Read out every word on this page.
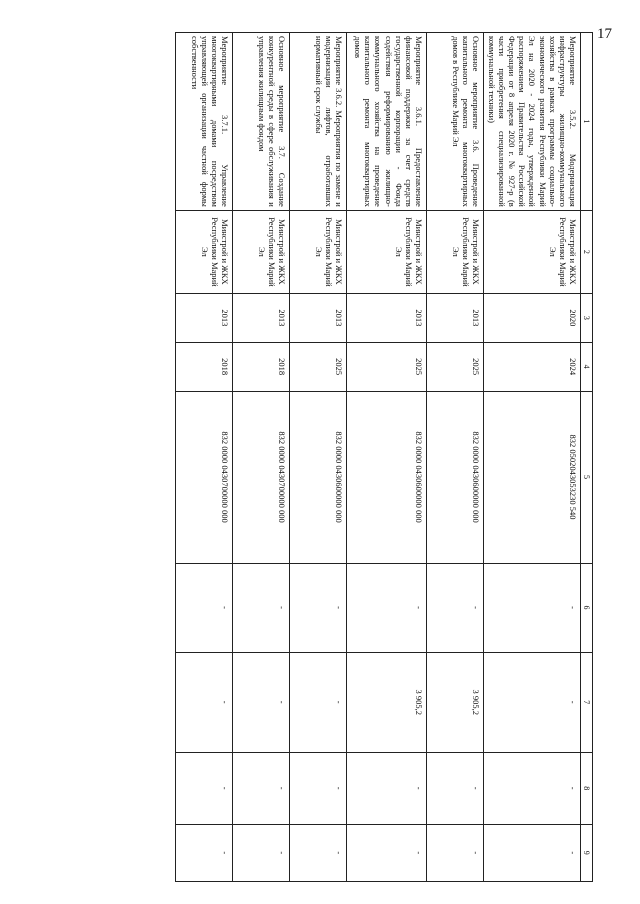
17
1	2	3	4	5	6	7	8	9
Мероприятие 3.5.2. Модернизация инфраструктуры жилищно-коммунального хозяйства в рамках программы социально-экономического развития Республики Марий Эл на 2020 - 2024 годы, утвержденной распоряжением Правительства Российской Федерации от 8 апреля 2020 г. № 927-р (в части приобретения специализированной коммунальной техники)	Минстрой и ЖКХ Республики Марий Эл	2020	2024	832 0502043053230 540	-	-	-	-
Основное мероприятие 3.6. Проведение капитального ремонта многоквартирных домов в Республике Марий Эл	Минстрой и ЖКХ Республики Марий Эл	2013	2025	832 0000 0430600000 000	-	3 905,2	-	-
Мероприятие 3.6.1. Предоставление финансовой поддержки за счет средств государственной корпорации - Фонда содействия реформированию жилищно-коммунального хозяйства на проведение капитального ремонта многоквартирных домов	Минстрой и ЖКХ Республики Марий Эл	2013	2025	832 0000 0430600000 000	-	3 905,2	-	-
Мероприятие 3.6.2. Мероприятия по замене и модернизации лифтов, отработавших нормативный срок службы	Минстрой и ЖКХ Республики Марий Эл	2013	2025	832 0000 0430600000 000	-	-	-	-
Основное мероприятие 3.7. Создание конкурентной среды в сфере обслуживания и управления жилищным фондом	Минстрой и ЖКХ Республики Марий Эл	2013	2018	832 0000 0430700000 000	-	-	-	-
Мероприятие 3.7.1. Управление многоквартирными домами посредством управляющей организации частной формы собственности	Минстрой и ЖКХ Республики Марий Эл	2013	2018	832 0000 0430700000 000	-	-	-	-
